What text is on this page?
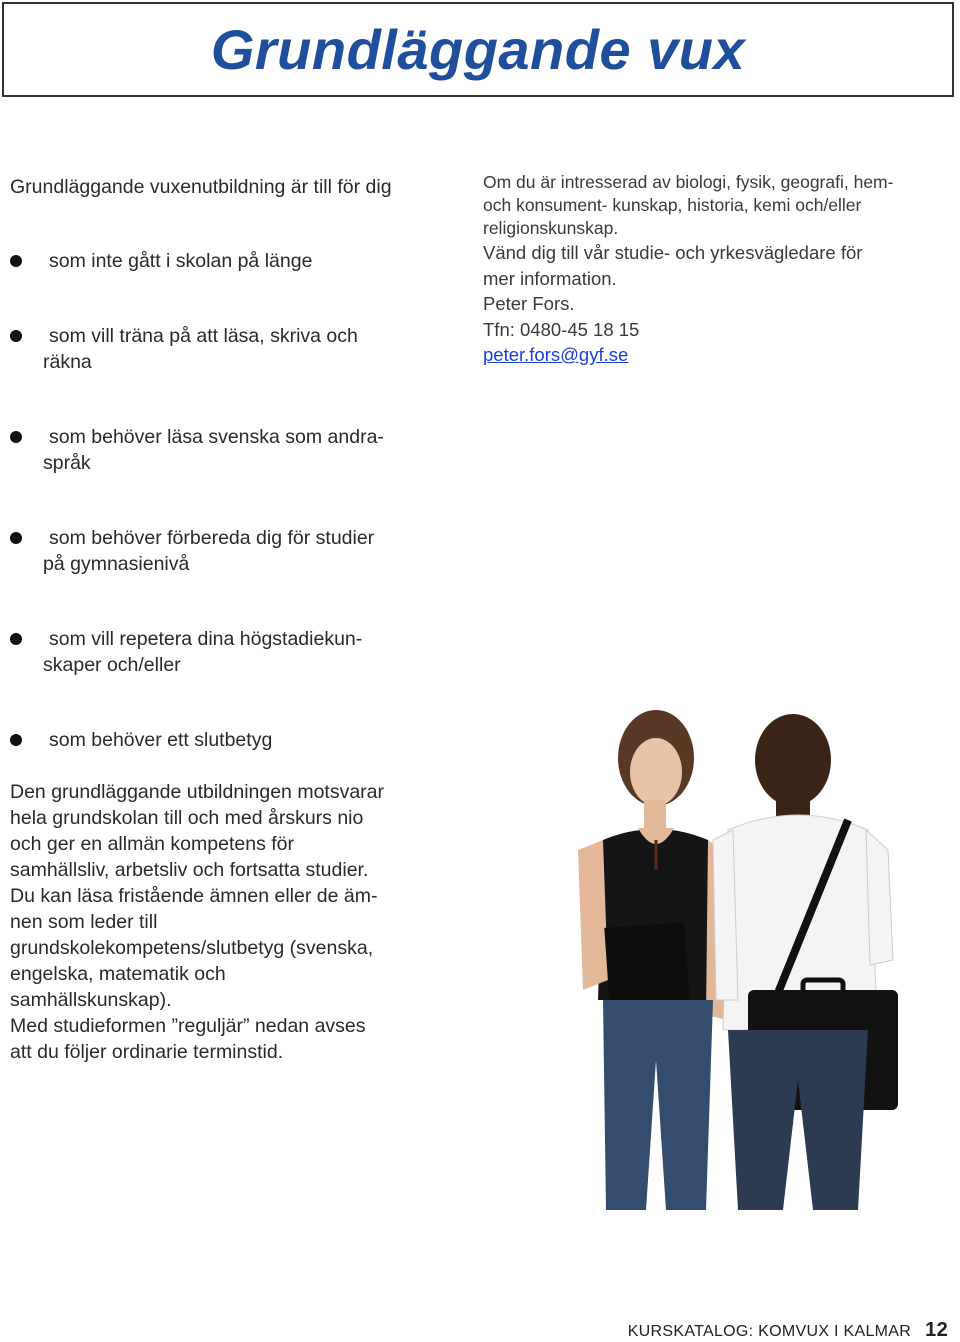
Grundläggande vux

Grundläggande vuxenutbildning är till för dig

som inte gått i skolan på länge
som vill träna på att läsa, skriva och
räkna
som behöver läsa svenska som andra-
språk
som behöver förbereda dig för studier
på gymnasienivå
som vill repetera dina högstadiekun-
skaper och/eller
som behöver ett slutbetyg

Den grundläggande utbildningen motsvarar
hela grundskolan till och med årskurs nio
och ger en allmän kompetens för
samhällsliv, arbetsliv och fortsatta studier.
Du kan läsa fristående ämnen eller de äm-
nen som leder till
grundskolekompetens/slutbetyg (svenska,
engelska, matematik och
samhällskunskap).
Med studieformen ”reguljär” nedan avses
att du följer ordinarie terminstid.

Om du är intresserad av biologi, fysik, geografi, hem-

och konsument- kunskap, historia, kemi och/eller

religionskunskap.

Vänd dig till vår studie- och yrkesvägledare för

mer information.

Peter Fors.

Tfn: 0480-45 18 15

peter.fors@gyf.se

KURSKATALOG: KOMVUX I KALMAR 12
